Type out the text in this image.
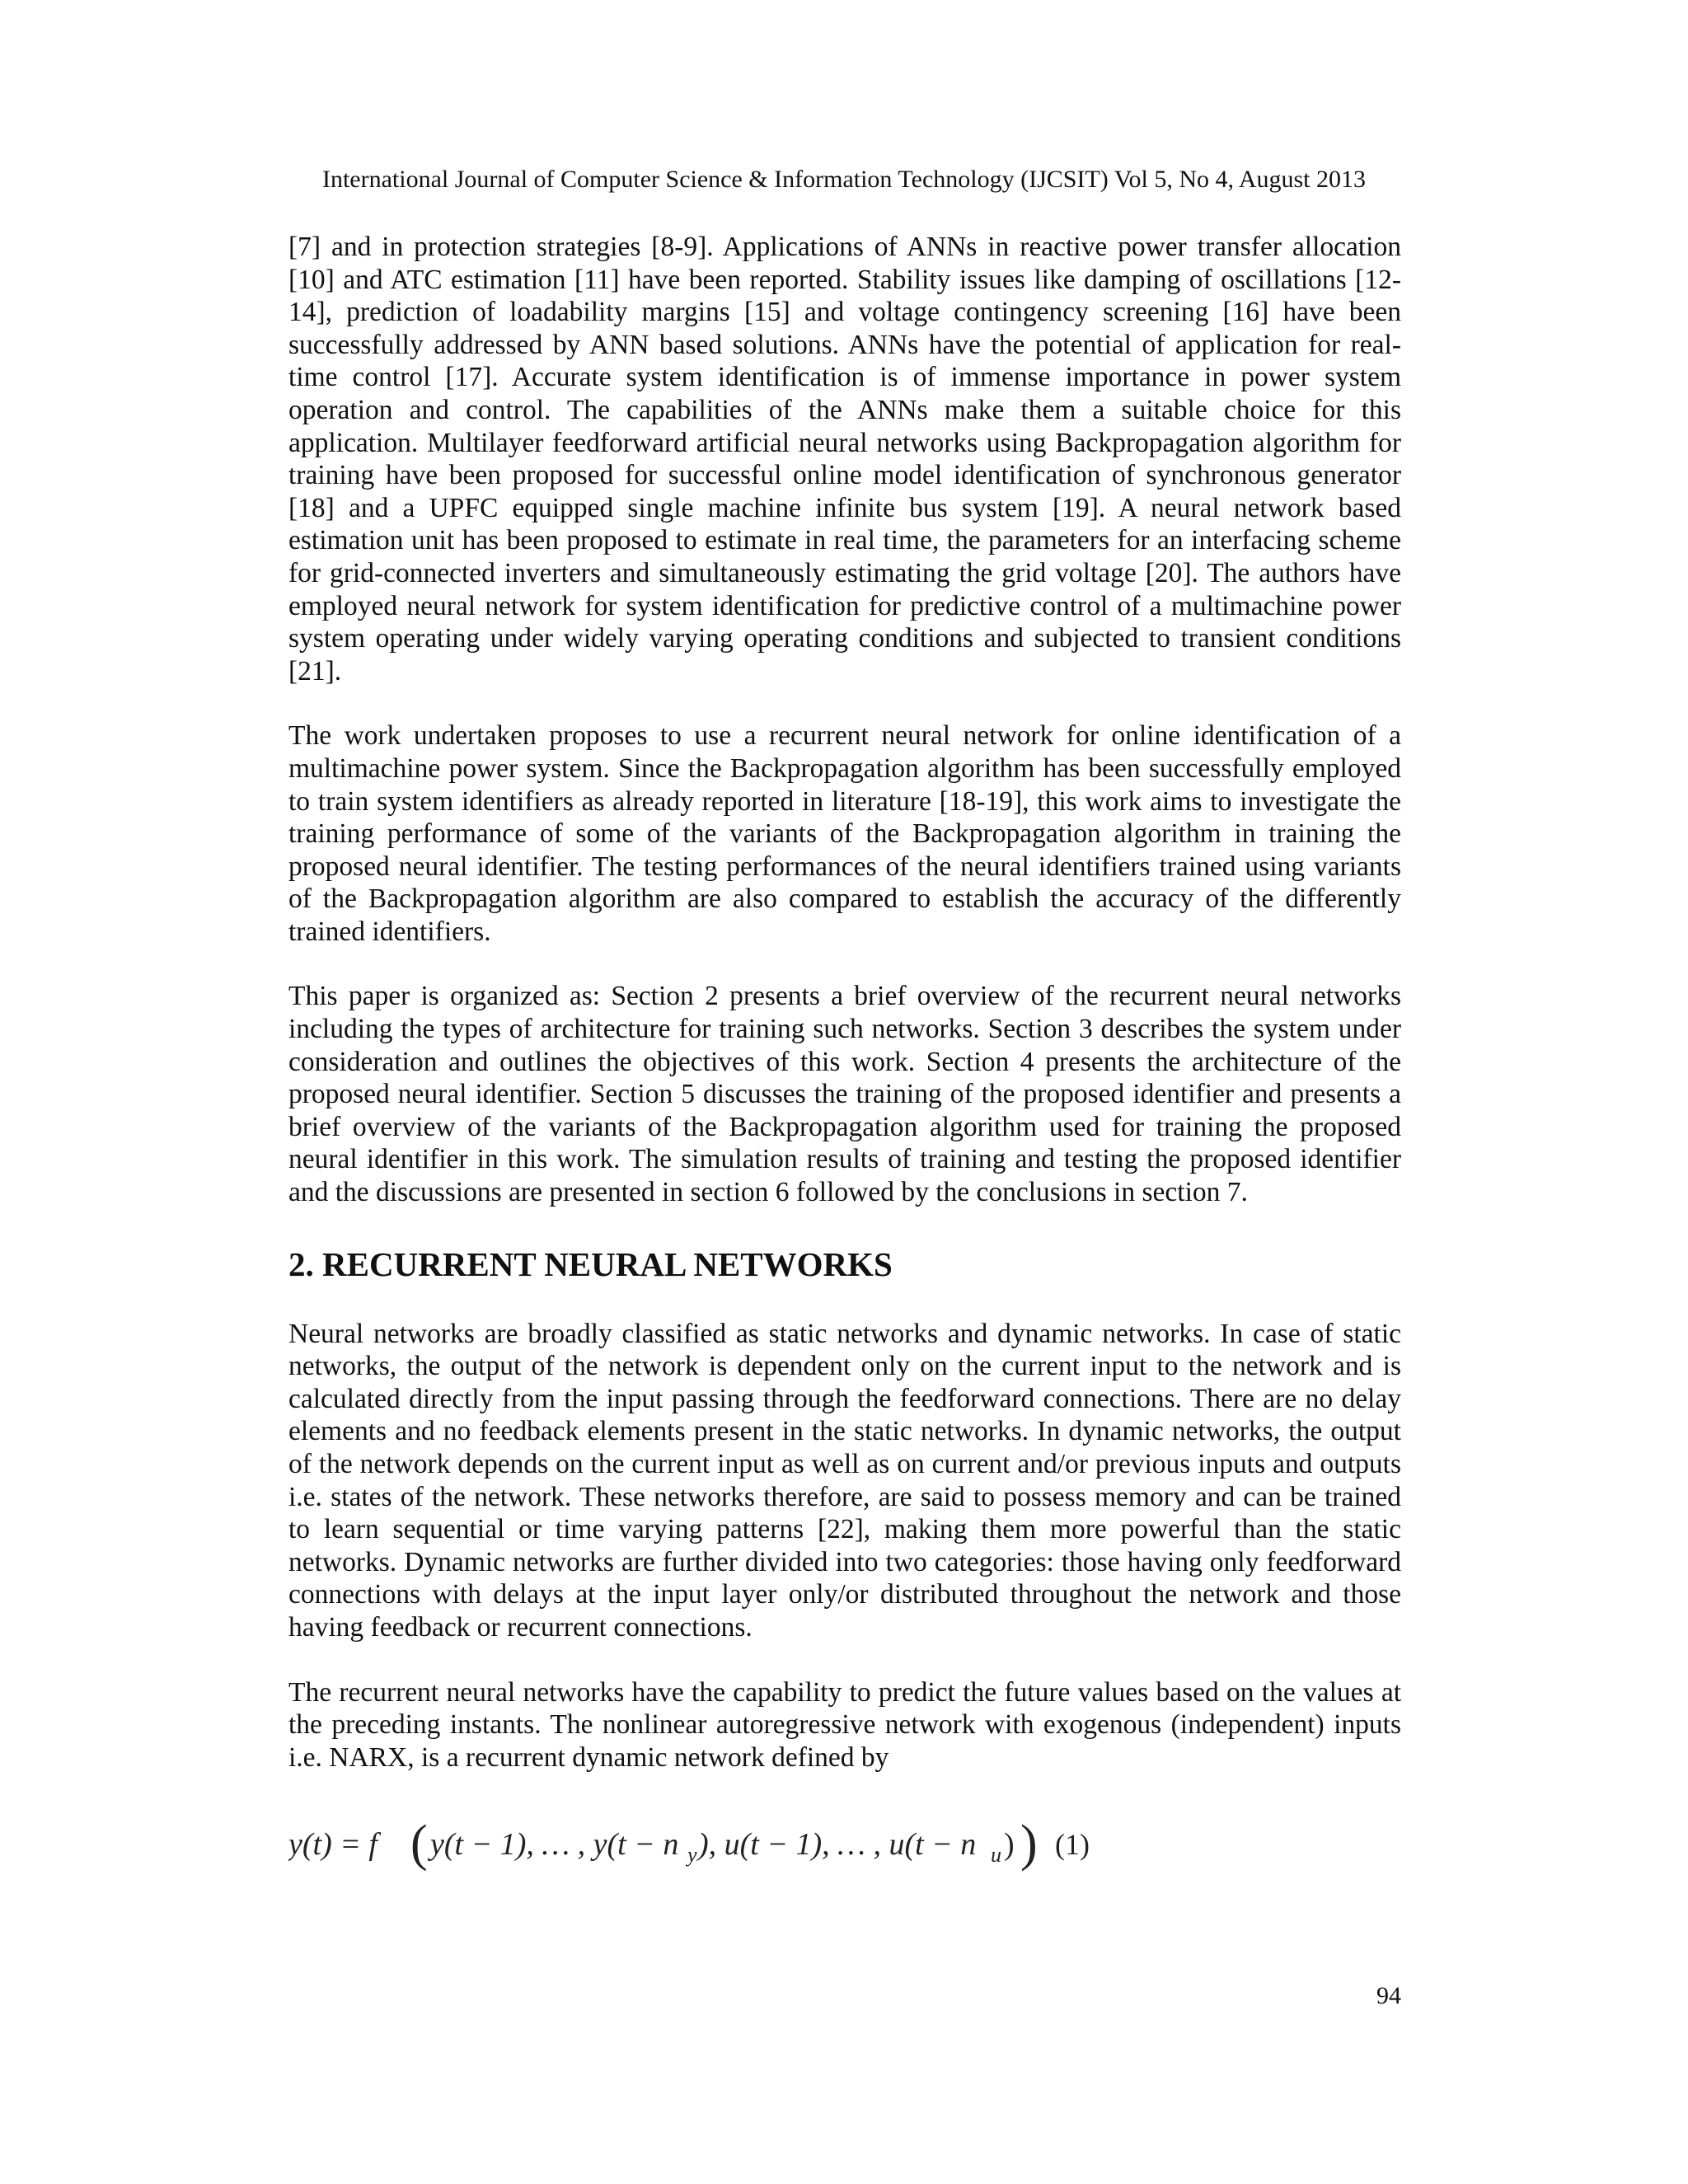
International Journal of Computer Science & Information Technology (IJCSIT) Vol 5, No 4, August 2013

[7] and in protection strategies [8-9]. Applications of ANNs in reactive power transfer allocation [10] and ATC estimation [11] have been reported. Stability issues like damping of oscillations [12-14], prediction of loadability margins [15] and voltage contingency screening [16] have been successfully addressed by ANN based solutions. ANNs have the potential of application for real-time control [17]. Accurate system identification is of immense importance in power system operation and control. The capabilities of the ANNs make them a suitable choice for this application. Multilayer feedforward artificial neural networks using Backpropagation algorithm for training have been proposed for successful online model identification of synchronous generator [18] and a UPFC equipped single machine infinite bus system [19]. A neural network based estimation unit has been proposed to estimate in real time, the parameters for an interfacing scheme for grid-connected inverters and simultaneously estimating the grid voltage [20]. The authors have employed neural network for system identification for predictive control of a multimachine power system operating under widely varying operating conditions and subjected to transient conditions [21].

The work undertaken proposes to use a recurrent neural network for online identification of a multimachine power system. Since the Backpropagation algorithm has been successfully employed to train system identifiers as already reported in literature [18-19], this work aims to investigate the training performance of some of the variants of the Backpropagation algorithm in training the proposed neural identifier. The testing performances of the neural identifiers trained using variants of the Backpropagation algorithm are also compared to establish the accuracy of the differently trained identifiers.

This paper is organized as: Section 2 presents a brief overview of the recurrent neural networks including the types of architecture for training such networks. Section 3 describes the system under consideration and outlines the objectives of this work. Section 4 presents the architecture of the proposed neural identifier. Section 5 discusses the training of the proposed identifier and presents a brief overview of the variants of the Backpropagation algorithm used for training the proposed neural identifier in this work. The simulation results of training and testing the proposed identifier and the discussions are presented in section 6 followed by the conclusions in section 7.

2. RECURRENT NEURAL NETWORKS

Neural networks are broadly classified as static networks and dynamic networks. In case of static networks, the output of the network is dependent only on the current input to the network and is calculated directly from the input passing through the feedforward connections. There are no delay elements and no feedback elements present in the static networks. In dynamic networks, the output of the network depends on the current input as well as on current and/or previous inputs and outputs i.e. states of the network. These networks therefore, are said to possess memory and can be trained to learn sequential or time varying patterns [22], making them more powerful than the static networks. Dynamic networks are further divided into two categories: those having only feedforward connections with delays at the input layer only/or distributed throughout the network and those having feedback or recurrent connections.

The recurrent neural networks have the capability to predict the future values based on the values at the preceding instants. The nonlinear autoregressive network with exogenous (independent) inputs i.e. NARX, is a recurrent dynamic network defined by

y(t) = f ( y(t − 1), … , y(t − n y ), u(t − 1), … , u(t − n u ) ) (1)
94
